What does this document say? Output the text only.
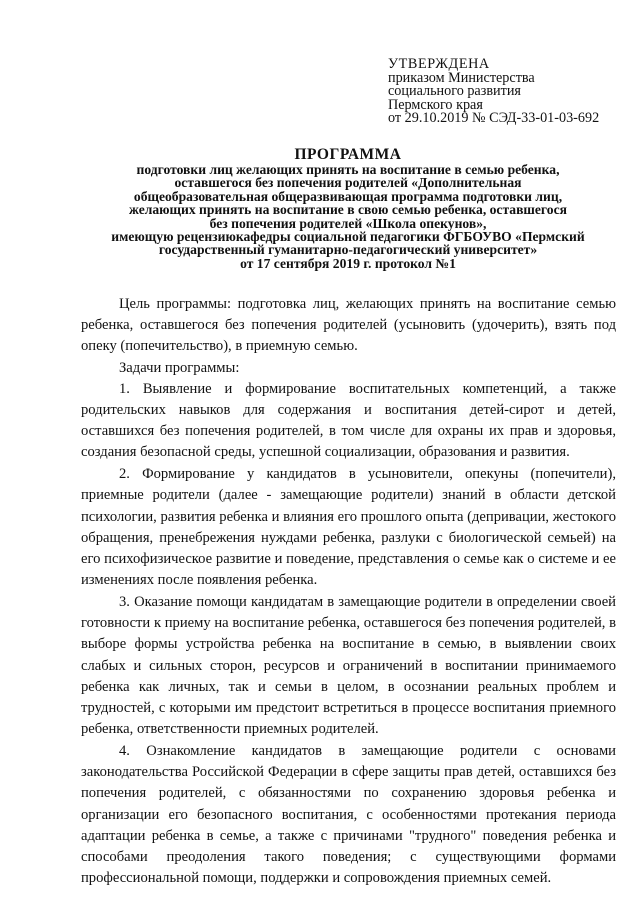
УТВЕРЖДЕНА
приказом Министерства
социального развития
Пермского края
от 29.10.2019 № СЭД-33-01-03-692
ПРОГРАММА
подготовки лиц желающих принять на воспитание в семью ребенка,
оставшегося без попечения родителей «Дополнительная
общеобразовательная общеразвивающая программа подготовки лиц,
желающих принять на воспитание в свою семью ребенка, оставшегося
без попечения родителей «Школа опекунов»,
имеющую рецензиюкафедры социальной педагогики ФГБОУВО «Пермский
государственный гуманитарно-педагогический университет»
от 17 сентября 2019 г. протокол №1

Цель программы: подготовка лиц, желающих принять на воспитание семью ребенка, оставшегося без попечения родителей (усыновить (удочерить), взять под опеку (попечительство), в приемную семью.

Задачи программы:

1. Выявление и формирование воспитательных компетенций, а также родительских навыков для содержания и воспитания детей-сирот и детей, оставшихся без попечения родителей, в том числе для охраны их прав и здоровья, создания безопасной среды, успешной социализации, образования и развития.

2. Формирование у кандидатов в усыновители, опекуны (попечители), приемные родители (далее - замещающие родители) знаний в области детской психологии, развития ребенка и влияния его прошлого опыта (депривации, жестокого обращения, пренебрежения нуждами ребенка, разлуки с биологической семьей) на его психофизическое развитие и поведение, представления о семье как о системе и ее изменениях после появления ребенка.

3. Оказание помощи кандидатам в замещающие родители в определении своей готовности к приему на воспитание ребенка, оставшегося без попечения родителей, в выборе формы устройства ребенка на воспитание в семью, в выявлении своих слабых и сильных сторон, ресурсов и ограничений в воспитании принимаемого ребенка как личных, так и семьи в целом, в осознании реальных проблем и трудностей, с которыми им предстоит встретиться в процессе воспитания приемного ребенка, ответственности приемных родителей.

4. Ознакомление кандидатов в замещающие родители с основами законодательства Российской Федерации в сфере защиты прав детей, оставшихся без попечения родителей, с обязанностями по сохранению здоровья ребенка и организации его безопасного воспитания, с особенностями протекания периода адаптации ребенка в семье, а также с причинами "трудного" поведения ребенка и способами преодоления такого поведения; с существующими формами профессиональной помощи, поддержки и сопровождения приемных семей.
